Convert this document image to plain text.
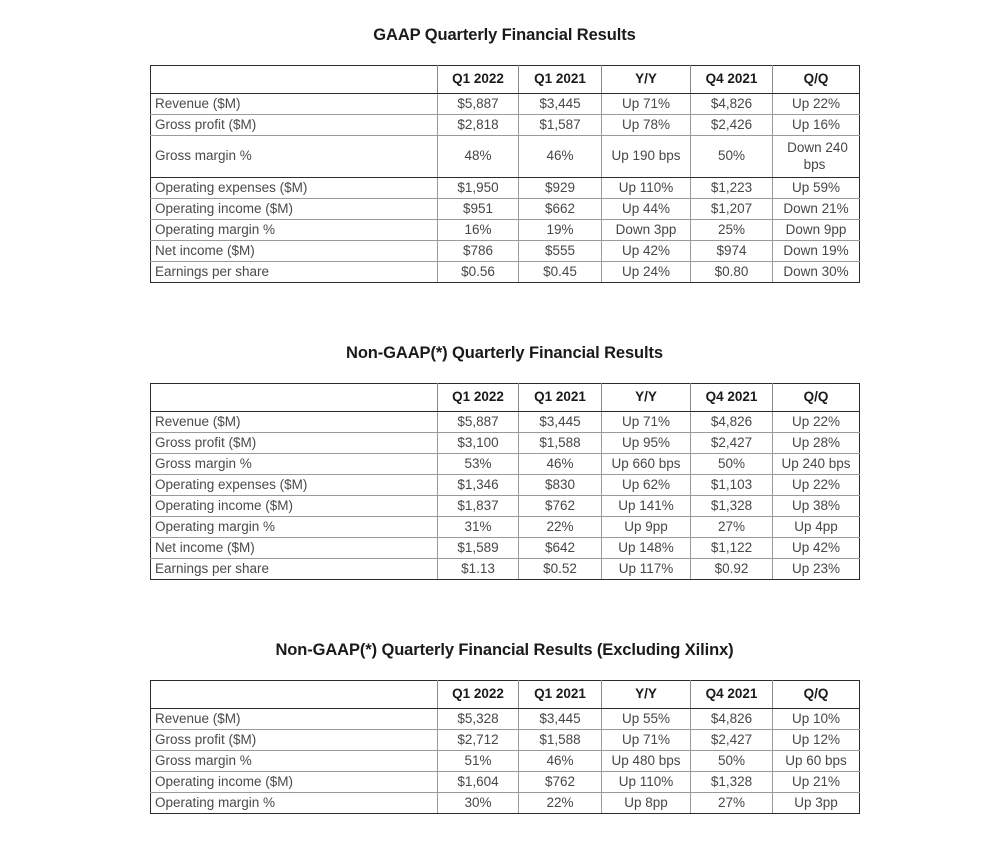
GAAP Quarterly Financial Results
	Q1 2022	Q1 2021	Y/Y	Q4 2021	Q/Q
Revenue ($M)	$5,887	$3,445	Up 71%	$4,826	Up 22%
Gross profit ($M)	$2,818	$1,587	Up 78%	$2,426	Up 16%
Gross margin %	48%	46%	Up 190 bps	50%	Down 240 bps
Operating expenses ($M)	$1,950	$929	Up 110%	$1,223	Up 59%
Operating income ($M)	$951	$662	Up 44%	$1,207	Down 21%
Operating margin %	16%	19%	Down 3pp	25%	Down 9pp
Net income ($M)	$786	$555	Up 42%	$974	Down 19%
Earnings per share	$0.56	$0.45	Up 24%	$0.80	Down 30%
Non-GAAP(*) Quarterly Financial Results
	Q1 2022	Q1 2021	Y/Y	Q4 2021	Q/Q
Revenue ($M)	$5,887	$3,445	Up 71%	$4,826	Up 22%
Gross profit ($M)	$3,100	$1,588	Up 95%	$2,427	Up 28%
Gross margin %	53%	46%	Up 660 bps	50%	Up 240 bps
Operating expenses ($M)	$1,346	$830	Up 62%	$1,103	Up 22%
Operating income ($M)	$1,837	$762	Up 141%	$1,328	Up 38%
Operating margin %	31%	22%	Up 9pp	27%	Up 4pp
Net income ($M)	$1,589	$642	Up 148%	$1,122	Up 42%
Earnings per share	$1.13	$0.52	Up 117%	$0.92	Up 23%
Non-GAAP(*) Quarterly Financial Results (Excluding Xilinx)
	Q1 2022	Q1 2021	Y/Y	Q4 2021	Q/Q
Revenue ($M)	$5,328	$3,445	Up 55%	$4,826	Up 10%
Gross profit ($M)	$2,712	$1,588	Up 71%	$2,427	Up 12%
Gross margin %	51%	46%	Up 480 bps	50%	Up 60 bps
Operating income ($M)	$1,604	$762	Up 110%	$1,328	Up 21%
Operating margin %	30%	22%	Up 8pp	27%	Up 3pp
